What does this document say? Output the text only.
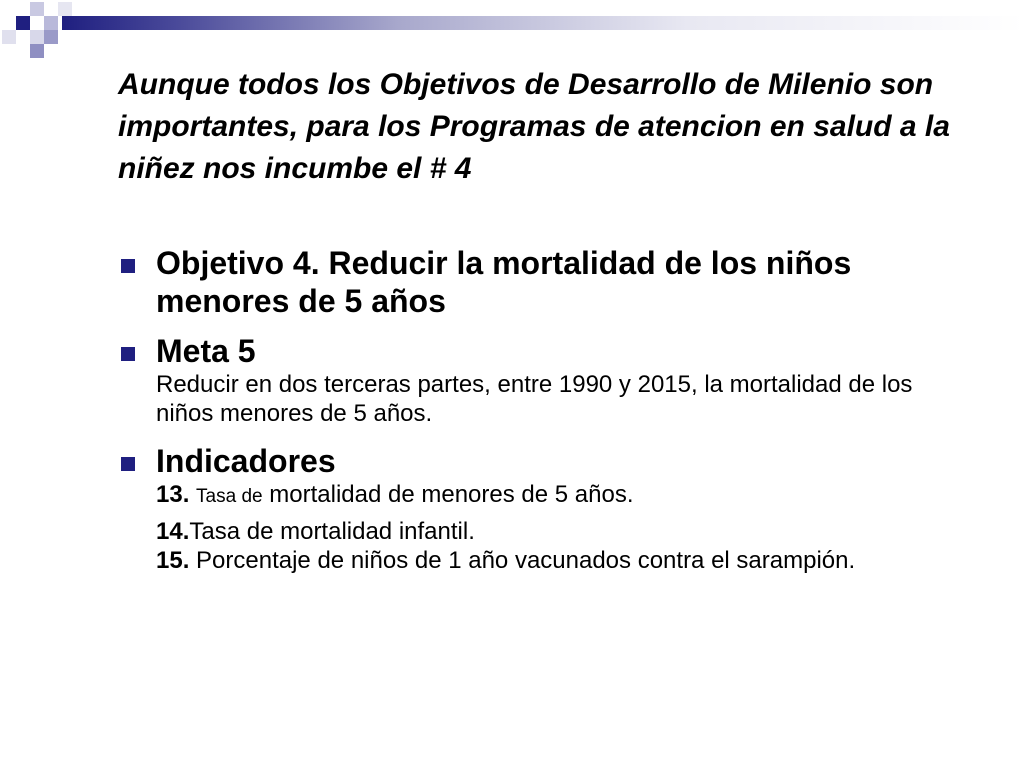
Aunque todos los Objetivos de Desarrollo de Milenio son importantes, para los Programas de atencion en salud a la niñez nos incumbe el # 4
Objetivo 4. Reducir la mortalidad de los niños menores de 5 años
Meta 5
Reducir en dos terceras partes, entre 1990 y 2015, la mortalidad de los niños menores de 5 años.
Indicadores
13. Tasa de mortalidad de menores de 5 años.
14.Tasa de mortalidad infantil.
15. Porcentaje de niños de 1 año vacunados contra el sarampión.
